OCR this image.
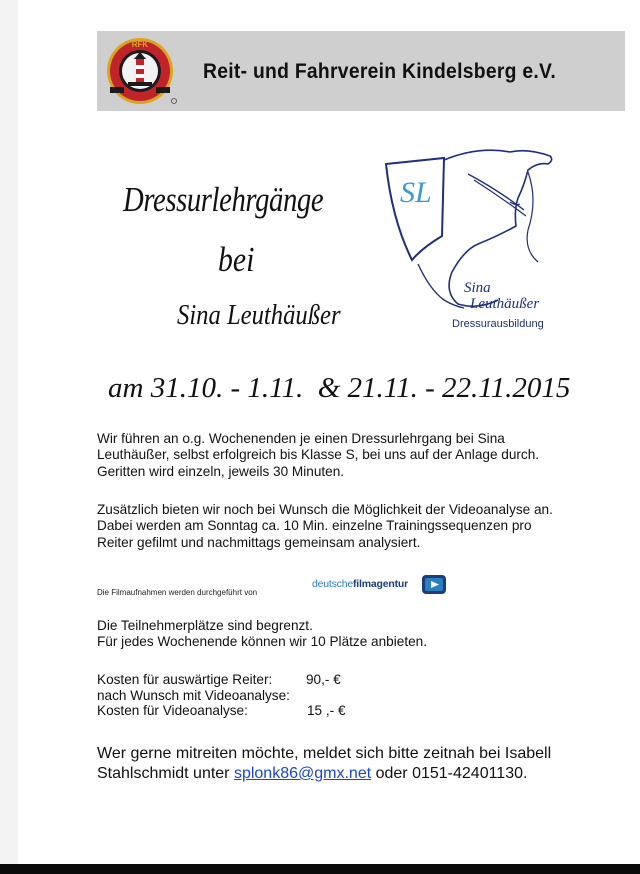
RFK
Reit- und Fahrverein Kindelsberg e.V.
Dressurlehrgänge
bei
Sina Leuthäußer
SL
Sina
Leuthäußer
Dressurausbildung
am 31.10. - 1.11.  & 21.11. - 22.11.2015
Wir führen an o.g. Wochenenden je einen Dressurlehrgang bei Sina
Leuthäußer, selbst erfolgreich bis Klasse S, bei uns auf der Anlage durch.
Geritten wird einzeln, jeweils 30 Minuten.
Zusätzlich bieten wir noch bei Wunsch die Möglichkeit der Videoanalyse an.
Dabei werden am Sonntag ca. 10 Min. einzelne Trainingssequenzen pro
Reiter gefilmt und nachmittags gemeinsam analysiert.
Die Filmaufnahmen werden durchgeführt von
deutschefilmagentur
Die Teilnehmerplätze sind begrenzt.
Für jedes Wochenende können wir 10 Plätze anbieten.
Kosten für auswärtige Reiter: 90,- €
nach Wunsch mit Videoanalyse:
Kosten für Videoanalyse:	15 ,- €
Wer gerne mitreiten möchte, meldet sich bitte zeitnah bei Isabell
Stahlschmidt unter splonk86@gmx.net oder 0151-42401130.
